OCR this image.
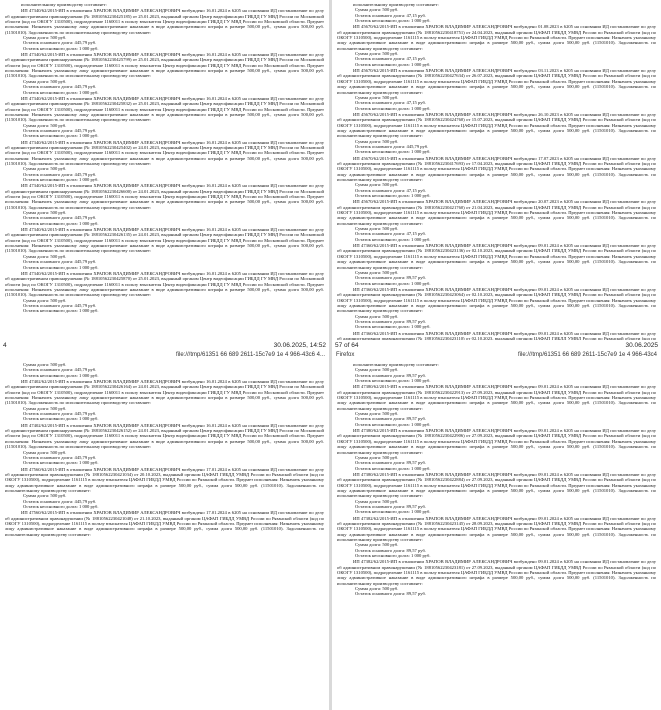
исполнительному производству составляет:

ИП 47340/62/2015-ИП в отношении ХРАПОВ ВЛАДИМИР АЛЕКСАНДРОВИЧ возбуждено 16.01.2024 в 6205 на основании ИД постановление по делу об административном правонарушении (№ 18810562230425185) от 25.01.2023, выданный органом Центр видеофиксации ГИБДД ГУ МВД России по Московской области (код по ОКОГУ 1310500), подразделение 1160011 в пользу взыскателя Центр видеофиксации ГИБДД ГУ МВД России по Московской области. Предмет исполнения: Назначить указанному лицу административное наказание в виде административного штрафа в размере 500,00 руб., сумма долга 500,00 руб. (11501010). Задолженность по исполнительному производству составляет:

Сумма долга: 500 руб.

Остаток основного долга: 445,79 руб.

Остаток неосновного долга: 1 000 руб.

ИП 47340/62/2015-ИП в отношении ХРАПОВ ВЛАДИМИР АЛЕКСАНДРОВИЧ возбуждено 16.01.2024 в 6205 на основании ИД постановление по делу об административном правонарушении (№ 18810562230425799) от 25.01.2023, выданный органом Центр видеофиксации ГИБДД ГУ МВД России по Московской области (код по ОКОГУ 1310500), подразделение 1160011 в пользу взыскателя Центр видеофиксации ГИБДД ГУ МВД России по Московской области. Предмет исполнения: Назначить указанному лицу административное наказание в виде административного штрафа в размере 500,00 руб., сумма долга 500,00 руб. (11501010). Задолженность по исполнительному производству составляет:

Сумма долга: 500 руб.

Остаток основного долга: 445,79 руб.

Остаток неосновного долга: 1 000 руб.

ИП 47340/62/2015-ИП в отношении ХРАПОВ ВЛАДИМИР АЛЕКСАНДРОВИЧ возбуждено 16.01.2024 в 6205 на основании ИД постановление по делу об административном правонарушении (№ 18810562230425832) от 25.01.2023, выданный органом Центр видеофиксации ГИБДД ГУ МВД России по Московской области (код по ОКОГУ 1310500), подразделение 1160011 в пользу взыскателя Центр видеофиксации ГИБДД ГУ МВД России по Московской области. Предмет исполнения: Назначить указанному лицу административное наказание в виде административного штрафа в размере 500,00 руб., сумма долга 500,00 руб. (11501010). Задолженность по исполнительному производству составляет:

Сумма долга: 500 руб.

Остаток основного долга: 445,79 руб.

Остаток неосновного долга: 1 000 руб.

ИП 47340/62/2015-ИП в отношении ХРАПОВ ВЛАДИМИР АЛЕКСАНДРОВИЧ возбуждено 16.01.2024 в 6205 на основании ИД постановление по делу об административном правонарушении (№ 18810562230425402) от 24.01.2023, выданный органом Центр видеофиксации ГИБДД ГУ МВД России по Московской области (код по ОКОГУ 1310500), подразделение 1160011 в пользу взыскателя Центр видеофиксации ГИБДД ГУ МВД России по Московской области. Предмет исполнения: Назначить указанному лицу административное наказание в виде административного штрафа в размере 500,00 руб., сумма долга 500,00 руб. (11501010). Задолженность по исполнительному производству составляет:

Сумма долга: 500 руб.

Остаток основного долга: 445,79 руб.

Остаток неосновного долга: 1 000 руб.

ИП 47340/62/2015-ИП в отношении ХРАПОВ ВЛАДИМИР АЛЕКСАНДРОВИЧ возбуждено 16.01.2024 в 6205 на основании ИД постановление по делу об административном правонарушении (№ 18810562230426600) от 24.01.2023, выданный органом Центр видеофиксации ГИБДД ГУ МВД России по Московской области (код по ОКОГУ 1310500), подразделение 1160011 в пользу взыскателя Центр видеофиксации ГИБДД ГУ МВД России по Московской области. Предмет исполнения: Назначить указанному лицу административное наказание в виде административного штрафа в размере 500,00 руб., сумма долга 500,00 руб. (11501010). Задолженность по исполнительному производству составляет:

Сумма долга: 500 руб.

Остаток основного долга: 445,79 руб.

Остаток неосновного долга: 1 000 руб.

ИП 47340/62/2015-ИП в отношении ХРАПОВ ВЛАДИМИР АЛЕКСАНДРОВИЧ возбуждено 16.01.2024 в 6205 на основании ИД постановление по делу об административном правонарушении (№ 18810562230426135) от 24.01.2023, выданный органом Центр видеофиксации ГИБДД ГУ МВД России по Московской области (код по ОКОГУ 1310500), подразделение 1160011 в пользу взыскателя Центр видеофиксации ГИБДД ГУ МВД России по Московской области. Предмет исполнения: Назначить указанному лицу административное наказание в виде административного штрафа в размере 500,00 руб., сумма долга 500,00 руб. (11501010). Задолженность по исполнительному производству составляет:

Сумма долга: 500 руб.

Остаток основного долга: 445,79 руб.

Остаток неосновного долга: 1 000 руб.

ИП 47340/62/2015-ИП в отношении ХРАПОВ ВЛАДИМИР АЛЕКСАНДРОВИЧ возбуждено 16.01.2024 в 6205 на основании ИД постановление по делу об административном правонарушении (№ 18810562230425870) от 25.01.2023, выданный органом Центр видеофиксации ГИБДД ГУ МВД России по Московской области (код по ОКОГУ 1310500), подразделение 1160011 в пользу взыскателя Центр видеофиксации ГИБДД ГУ МВД России по Московской области. Предмет исполнения: Назначить указанному лицу административное наказание в виде административного штрафа в размере 500,00 руб., сумма долга 500,00 руб. (11501010). Задолженность по исполнительному производству составляет:

Сумма долга: 500 руб.

Остаток основного долга: 445,79 руб.

Остаток неосновного долга: 1 000 руб.

исполнительному производству составляет:

Сумма долга: 500 руб.

Остаток основного долга: 47,15 руб.

Остаток неосновного долга: 1 000 руб.

ИП 45670/62/2015-ИП в отношении ХРАПОВ ВЛАДИМИР АЛЕКСАНДРОВИЧ возбуждено 01.08.2023 в 6205 на основании ИД постановление по делу об административном правонарушении (№ 18810562230418751) от 24.04.2023, выданный органом ЦАФАП ГИБДД УМВД России по Рязанской области (код по ОКОГУ 1310500), подразделение 1161115 в пользу взыскателя ЦАФАП ГИБДД УМВД России по Рязанской области. Предмет исполнения: Назначить указанному лицу административное наказание в виде административного штрафа в размере 500,00 руб., сумма долга 500,00 руб. (11501010). Задолженность по исполнительному производству составляет:

Сумма долга: 500 руб.

Остаток основного долга: 47,15 руб.

Остаток неосновного долга: 1 000 руб.

ИП 45670/62/2015-ИП в отношении ХРАПОВ ВЛАДИМИР АЛЕКСАНДРОВИЧ возбуждено 03.11.2023 в 6205 на основании ИД постановление по делу об административном правонарушении (№ 18810562230427634) от 26.07.2023, выданный органом ЦАФАП ГИБДД УМВД России по Рязанской области (код по ОКОГУ 1310500), подразделение 1161115 в пользу взыскателя ЦАФАП ГИБДД УМВД России по Рязанской области. Предмет исполнения: Назначить указанному лицу административное наказание в виде административного штрафа в размере 500,00 руб., сумма долга 500,00 руб. (11501010). Задолженность по исполнительному производству составляет:

Сумма долга: 500 руб.

Остаток основного долга: 47,15 руб.

Остаток неосновного долга: 1 000 руб.

ИП 45670/62/2015-ИП в отношении ХРАПОВ ВЛАДИМИР АЛЕКСАНДРОВИЧ возбуждено 26.10.2023 в 6205 на основании ИД постановление по делу об административном правонарушении (№ 18810562230424760) от 15.07.2023, выданный органом ЦАФАП ГИБДД УМВД России по Рязанской области (код по ОКОГУ 1310500), подразделение 1161115 в пользу взыскателя ЦАФАП ГИБДД УМВД России по Рязанской области. Предмет исполнения: Назначить указанному лицу административное наказание в виде административного штрафа в размере 500,00 руб., сумма долга 500,00 руб. (11501010). Задолженность по исполнительному производству составляет:

Сумма долга: 500 руб.

Остаток основного долга: 445,79 руб.

Остаток неосновного долга: 1 000 руб.

ИП 45670/62/2015-ИП в отношении ХРАПОВ ВЛАДИМИР АЛЕКСАНДРОВИЧ возбуждено 17.07.2023 в 6205 на основании ИД постановление по делу об административном правонарушении (№ 18810562230417693) от 17.04.2023, выданный органом ЦАФАП ГИБДД УМВД России по Рязанской области (код по ОКОГУ 1310500), подразделение 1161115 в пользу взыскателя ЦАФАП ГИБДД УМВД России по Рязанской области. Предмет исполнения: Назначить указанному лицу административное наказание в виде административного штрафа в размере 500,00 руб., сумма долга 500,00 руб. (11501010). Задолженность по исполнительному производству составляет:

Сумма долга: 500 руб.

Остаток основного долга: 47,15 руб.

Остаток неосновного долга: 1 000 руб.

ИП 45670/62/2015-ИП в отношении ХРАПОВ ВЛАДИМИР АЛЕКСАНДРОВИЧ возбуждено 20.07.2023 в 6205 на основании ИД постановление по делу об административном правонарушении (№ 18810562230421760) от 21.04.2023, выданный органом ЦАФАП ГИБДД УМВД России по Рязанской области (код по ОКОГУ 1310500), подразделение 1161115 в пользу взыскателя ЦАФАП ГИБДД УМВД России по Рязанской области. Предмет исполнения: Назначить указанному лицу административное наказание в виде административного штрафа в размере 500,00 руб., сумма долга 500,00 руб. (11501010). Задолженность по исполнительному производству составляет:

Сумма долга: 500 руб.

Остаток основного долга: 47,15 руб.

Остаток неосновного долга: 1 000 руб.

ИП 47360/62/2015-ИП в отношении ХРАПОВ ВЛАДИМИР АЛЕКСАНДРОВИЧ возбуждено 09.01.2024 в 6205 на основании ИД постановление по делу об административном правонарушении (№ 18810562230423136) от 02.10.2023, выданный органом ЦАФАП ГИБДД УМВД России по Рязанской области (код по ОКОГУ 1310500), подразделение 1161115 в пользу взыскателя ЦАФАП ГИБДД УМВД России по Рязанской области. Предмет исполнения: Назначить указанному лицу административное наказание в виде административного штрафа в размере 500,00 руб., сумма долга 500,00 руб. (11501010). Задолженность по исполнительному производству составляет:

Сумма долга: 500 руб.

Остаток основного долга: 89,57 руб.

Остаток неосновного долга: 1 000 руб.

ИП 47360/62/2015-ИП в отношении ХРАПОВ ВЛАДИМИР АЛЕКСАНДРОВИЧ возбуждено 09.01.2024 в 6205 на основании ИД постановление по делу об административном правонарушении (№ 18810562230423064) от 02.10.2023, выданный органом ЦАФАП ГИБДД УМВД России по Рязанской области (код по ОКОГУ 1310500), подразделение 1161115 в пользу взыскателя ЦАФАП ГИБДД УМВД России по Рязанской области. Предмет исполнения: Назначить указанному лицу административное наказание в виде административного штрафа в размере 500,00 руб., сумма долга 500,00 руб. (11501010). Задолженность по исполнительному производству составляет:

Сумма долга: 500 руб.

Остаток основного долга: 89,57 руб.

Остаток неосновного долга: 1 000 руб.

ИП 47360/62/2015-ИП в отношении ХРАПОВ ВЛАДИМИР АЛЕКСАНДРОВИЧ возбуждено 09.01.2024 в 6205 на основании ИД постановление по делу об административном правонарушении (№ 18810562230423110) от 02.10.2023, выданный органом ЦАФАП ГИБДД УМВД России по Рязанской области (код по

4	30.06.2025, 14:52 57 of 64	30.06.2025
file:///tmp/61351 66 689 2611-15c7e9 1e 4 966-43c6 4...

Сумма долга: 500 руб.

Остаток основного долга: 445,79 руб.

Остаток неосновного долга: 1 000 руб.

ИП 47402/62/2015-ИП в отношении ХРАПОВ ВЛАДИМИР АЛЕКСАНДРОВИЧ возбуждено 16.01.2024 в 6205 на основании ИД постановление по делу об административном правонарушении (№ 18810562230426164) от 24.01.2023, выданный органом Центр видеофиксации ГИБДД ГУ МВД России по Московской области (код по ОКОГУ 1310500), подразделение 1160011 в пользу взыскателя Центр видеофиксации ГИБДД ГУ МВД России по Московской области. Предмет исполнения: Назначить указанному лицу административное наказание в виде административного штрафа в размере 500,00 руб., сумма долга 500,00 руб. (11501010). Задолженность по исполнительному производству составляет:

Сумма долга: 500 руб.

Остаток основного долга: 445,79 руб.

Остаток неосновного долга: 1 000 руб.

ИП 47402/62/2015-ИП в отношении ХРАПОВ ВЛАДИМИР АЛЕКСАНДРОВИЧ возбуждено 16.01.2024 в 6205 на основании ИД постановление по делу об административном правонарушении (№ 18810562230426152) от 24.01.2023, выданный органом Центр видеофиксации ГИБДД ГУ МВД России по Московской области (код по ОКОГУ 1310500), подразделение 1160011 в пользу взыскателя Центр видеофиксации ГИБДД ГУ МВД России по Московской области. Предмет исполнения: Назначить указанному лицу административное наказание в виде административного штрафа в размере 500,00 руб., сумма долга 500,00 руб. (11501010). Задолженность по исполнительному производству составляет:

Сумма долга: 500 руб.

Остаток основного долга: 445,79 руб.

Остаток неосновного долга: 1 000 руб.

ИП 47560/62/2015-ИП в отношении ХРАПОВ ВЛАДИМИР АЛЕКСАНДРОВИЧ возбуждено 17.01.2024 в 6205 на основании ИД постановление по делу об административном правонарушении (№ 18810562230421034) от 20.10.2023, выданный органом ЦАФАП ГИБДД УМВД России по Рязанской области (код по ОКОГУ 1310500), подразделение 1161115 в пользу взыскателя ЦАФАП ГИБДД УМВД России по Рязанской области. Предмет исполнения: Назначить указанному лицу административное наказание в виде административного штрафа в размере 500,00 руб., сумма долга 500,00 руб. (11501010). Задолженность по исполнительному производству составляет:

Сумма долга: 500 руб.

Остаток основного долга: 445,79 руб.

Остаток неосновного долга: 1 000 руб.

ИП 47560/62/2015-ИП в отношении ХРАПОВ ВЛАДИМИР АЛЕКСАНДРОВИЧ возбуждено 17.01.2024 в 6205 на основании ИД постановление по делу об административном правонарушении (№ 18810562230421048) от 21.10.2023, выданный органом ЦАФАП ГИБДД УМВД России по Рязанской области (код по ОКОГУ 1310500), подразделение 1161115 в пользу взыскателя ЦАФАП ГИБДД УМВД России по Рязанской области. Предмет исполнения: Назначить указанному лицу административное наказание в виде административного штрафа в размере 500,00 руб., сумма долга 500,00 руб. (11501010). Задолженность по исполнительному производству составляет:

Firefox	file:///tmp/61351 66 689 2611-15c7e9 1e 4 966-43c4

исполнительному производству составляет:

Сумма долга: 500 руб.

Остаток основного долга: 89,57 руб.

Остаток неосновного долга: 1 000 руб.

ИП 47380/62/2015-ИП в отношении ХРАПОВ ВЛАДИМИР АЛЕКСАНДРОВИЧ возбуждено 09.01.2024 в 6205 на основании ИД постановление по делу об административном правонарушении (№ 18810562230422913) от 27.09.2023, выданный органом ЦАФАП ГИБДД УМВД России по Рязанской области (код по ОКОГУ 1310500), подразделение 1161115 в пользу взыскателя ЦАФАП ГИБДД УМВД России по Рязанской области. Предмет исполнения: Назначить указанному лицу административное наказание в виде административного штрафа в размере 500,00 руб., сумма долга 500,00 руб. (11501010). Задолженность по исполнительному производству составляет:

Сумма долга: 500 руб.

Остаток основного долга: 89,57 руб.

Остаток неосновного долга: 1 000 руб.

ИП 47380/62/2015-ИП в отношении ХРАПОВ ВЛАДИМИР АЛЕКСАНДРОВИЧ возбуждено 09.01.2024 в 6205 на основании ИД постановление по делу об административном правонарушении (№ 18810562230422906) от 27.09.2023, выданный органом ЦАФАП ГИБДД УМВД России по Рязанской области (код по ОКОГУ 1310500), подразделение 1161115 в пользу взыскателя ЦАФАП ГИБДД УМВД России по Рязанской области. Предмет исполнения: Назначить указанному лицу административное наказание в виде административного штрафа в размере 500,00 руб., сумма долга 500,00 руб. (11501010). Задолженность по исполнительному производству составляет:

Сумма долга: 500 руб.

Остаток основного долга: 89,57 руб.

Остаток неосновного долга: 1 000 руб.

ИП 47380/62/2015-ИП в отношении ХРАПОВ ВЛАДИМИР АЛЕКСАНДРОВИЧ возбуждено 09.01.2024 в 6205 на основании ИД постановление по делу об административном правонарушении (№ 18810562230422884) от 27.09.2023, выданный органом ЦАФАП ГИБДД УМВД России по Рязанской области (код по ОКОГУ 1310500), подразделение 1161115 в пользу взыскателя ЦАФАП ГИБДД УМВД России по Рязанской области. Предмет исполнения: Назначить указанному лицу административное наказание в виде административного штрафа в размере 500,00 руб., сумма долга 500,00 руб. (11501010). Задолженность по исполнительному производству составляет:

Сумма долга: 500 руб.

Остаток основного долга: 89,57 руб.

Остаток неосновного долга: 1 000 руб.

ИП 47382/62/2015-ИП в отношении ХРАПОВ ВЛАДИМИР АЛЕКСАНДРОВИЧ возбуждено 09.01.2024 в 6205 на основании ИД постановление по делу об административном правонарушении (№ 18810562230423145) от 28.09.2023, выданный органом ЦАФАП ГИБДД УМВД России по Рязанской области (код по ОКОГУ 1310500), подразделение 1161115 в пользу взыскателя ЦАФАП ГИБДД УМВД России по Рязанской области. Предмет исполнения: Назначить указанному лицу административное наказание в виде административного штрафа в размере 500,00 руб., сумма долга 500,00 руб. (11501010). Задолженность по исполнительному производству составляет:

Сумма долга: 500 руб.

Остаток основного долга: 89,57 руб.

Остаток неосновного долга: 1 000 руб.

ИП 47382/62/2015-ИП в отношении ХРАПОВ ВЛАДИМИР АЛЕКСАНДРОВИЧ возбуждено 09.01.2024 в 6205 на основании ИД постановление по делу об административном правонарушении (№ 18810562230423181) от 27.09.2023, выданный органом ЦАФАП ГИБДД УМВД России по Рязанской области (код по ОКОГУ 1310500), подразделение 1161115 в пользу взыскателя ЦАФАП ГИБДД УМВД России по Рязанской области. Предмет исполнения: Назначить указанному лицу административное наказание в виде административного штрафа в размере 500,00 руб., сумма долга 500,00 руб. (11501010). Задолженность по исполнительному производству составляет:

Сумма долга: 500 руб.

Остаток основного долга: 89,57 руб.
